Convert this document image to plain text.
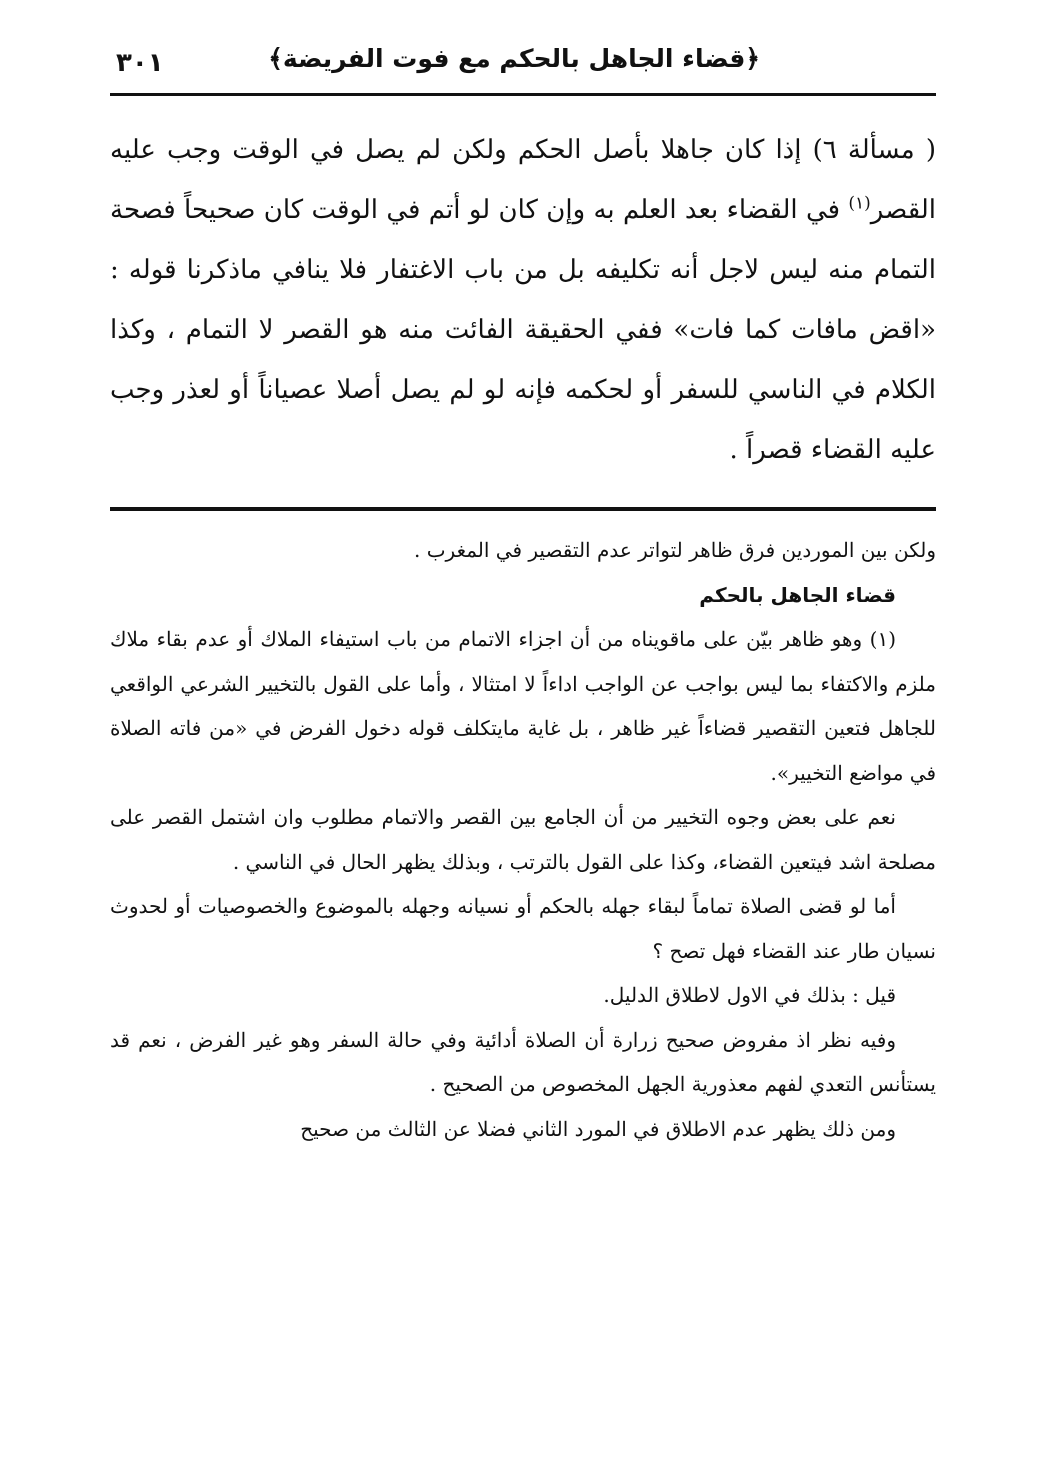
٣٠١	﴿قضاء الجاهل بالحكم مع فوت الفريضة﴾

( مسألة ٦) إذا كان جاهلا بأصل الحكم ولكن لم يصل في الوقت وجب عليه القصر$^{(١)}$ في القضاء بعد العلم به وإن كان لو أتم في الوقت كان صحيحاً فصحة التمام منه ليس لاجل أنه تكليفه بل من باب الاغتفار فلا ينافي ماذكرنا قوله : «اقض مافات كما فات» ففي الحقيقة الفائت منه هو القصر لا التمام ، وكذا الكلام في الناسي للسفر أو لحكمه فإنه لو لم يصل أصلا عصياناً أو لعذر وجب عليه القضاء قصراً .

ولكن بين الموردين فرق ظاهر لتواتر عدم التقصير في المغرب .

قضاء الجاهل بالحكم

(١) وهو ظاهر بيّن على ماقويناه من أن اجزاء الاتمام من باب استيفاء الملاك أو عدم بقاء ملاك ملزم والاكتفاء بما ليس بواجب عن الواجب اداءاً لا امتثالا ، وأما على القول بالتخيير الشرعي الواقعي للجاهل فتعين التقصير قضاءاً غير ظاهر ، بل غاية مايتكلف قوله دخول الفرض في «من فاته الصلاة في مواضع التخيير».

نعم على بعض وجوه التخيير من أن الجامع بين القصر والاتمام مطلوب وان اشتمل القصر على مصلحة اشد فيتعين القضاء، وكذا على القول بالترتب ، وبذلك يظهر الحال في الناسي .

أما لو قضى الصلاة تماماً لبقاء جهله بالحكم أو نسيانه وجهله بالموضوع والخصوصيات أو لحدوث نسيان طار عند القضاء فهل تصح ؟

قيل : بذلك في الاول لاطلاق الدليل.

وفيه نظر اذ مفروض صحيح زرارة أن الصلاة أدائية وفي حالة السفر وهو غير الفرض ، نعم قد يستأنس التعدي لفهم معذورية الجهل المخصوص من الصحيح .

ومن ذلك يظهر عدم الاطلاق في المورد الثاني فضلا عن الثالث من صحيح
